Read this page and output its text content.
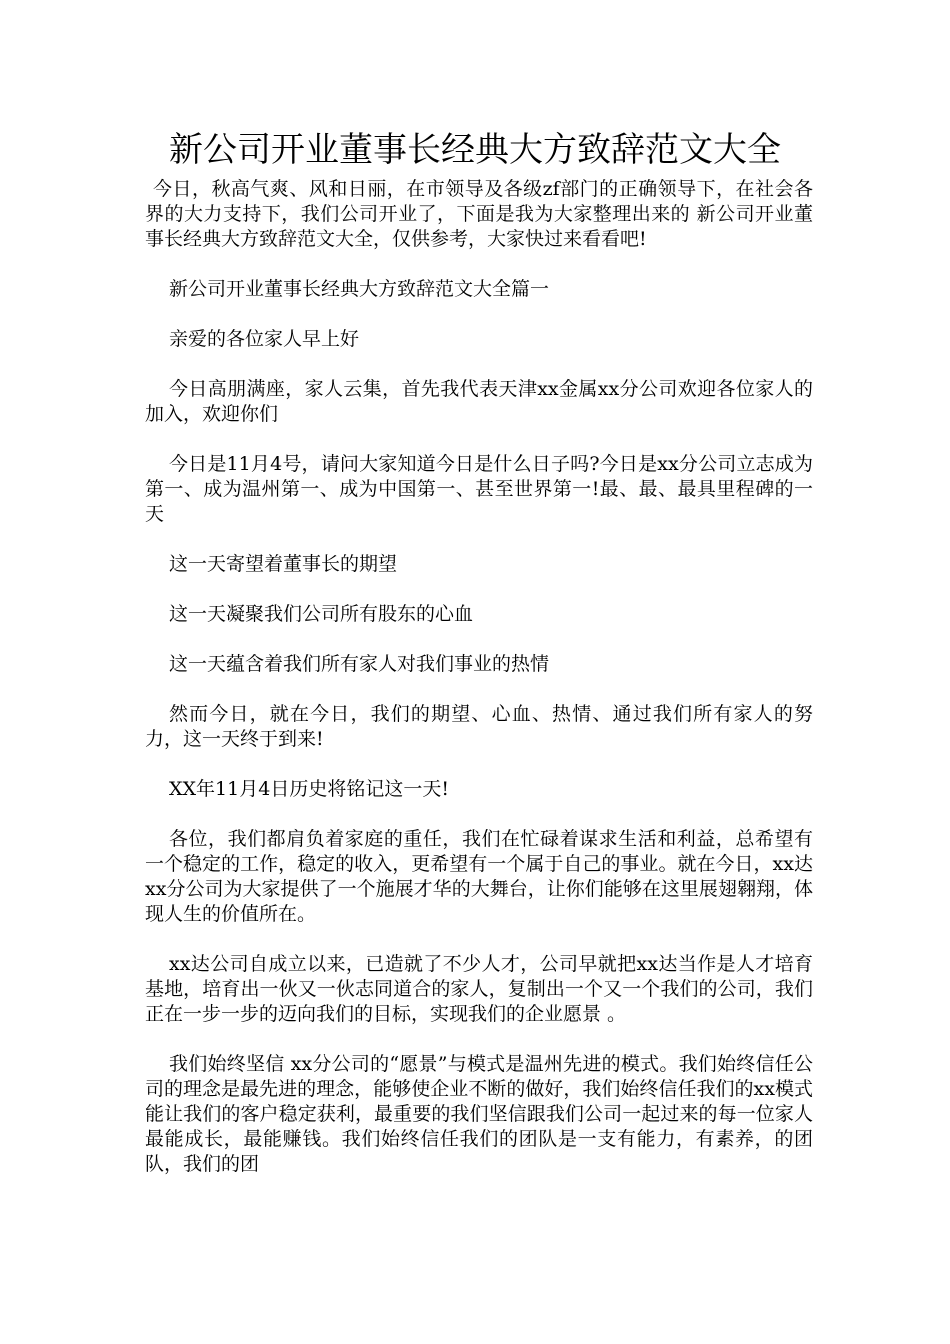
新公司开业董事长经典大方致辞范文大全

今日，秋高气爽、风和日丽，在市领导及各级zf部门的正确领导下，在社会各界的大力支持下，我们公司开业了，下面是我为大家整理出来的 新公司开业董事长经典大方致辞范文大全，仅供参考，大家快过来看看吧!

新公司开业董事长经典大方致辞范文大全篇一

亲爱的各位家人早上好

今日高朋满座，家人云集，首先我代表天津xx金属xx分公司欢迎各位家人的加入，欢迎你们

今日是11月4号，请问大家知道今日是什么日子吗?今日是xx分公司立志成为第一、成为温州第一、成为中国第一、甚至世界第一!最、最、最具里程碑的一天

这一天寄望着董事长的期望

这一天凝聚我们公司所有股东的心血

这一天蕴含着我们所有家人对我们事业的热情

然而今日，就在今日，我们的期望、心血、热情、通过我们所有家人的努力，这一天终于到来!

XX年11月4日历史将铭记这一天!

各位，我们都肩负着家庭的重任，我们在忙碌着谋求生活和利益，总希望有一个稳定的工作，稳定的收入，更希望有一个属于自己的事业。就在今日，xx达xx分公司为大家提供了一个施展才华的大舞台，让你们能够在这里展翅翱翔，体现人生的价值所在。

xx达公司自成立以来，已造就了不少人才，公司早就把xx达当作是人才培育基地，培育出一伙又一伙志同道合的家人，复制出一个又一个我们的公司，我们正在一步一步的迈向我们的目标，实现我们的企业愿景 。

我们始终坚信 xx分公司的“愿景”与模式是温州先进的模式。我们始终信任公司的理念是最先进的理念，能够使企业不断的做好，我们始终信任我们的xx模式能让我们的客户稳定获利，最重要的我们坚信跟我们公司一起过来的每一位家人最能成长，最能赚钱。我们始终信任我们的团队是一支有能力，有素养，的团队，我们的团
